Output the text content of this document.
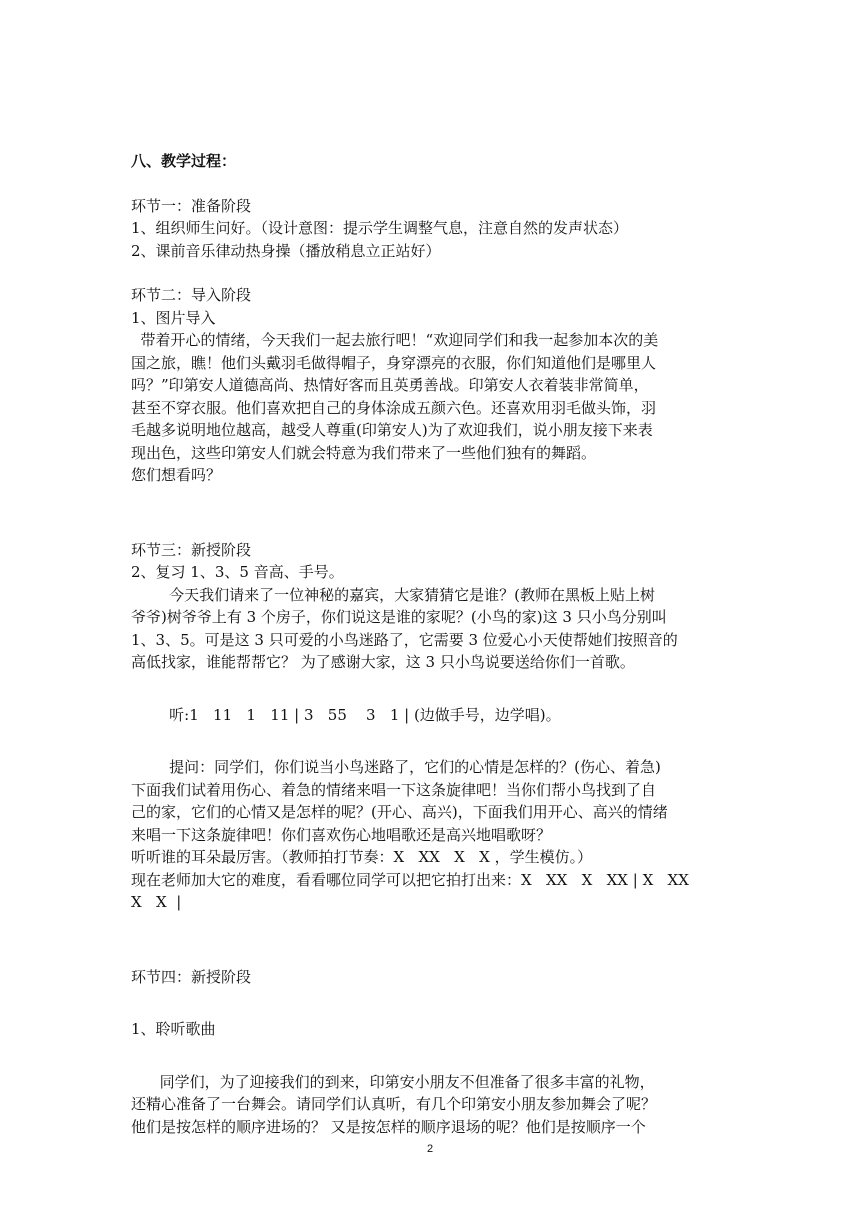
八、教学过程：
环节一：准备阶段
1、组织师生问好。（设计意图：提示学生调整气息，注意自然的发声状态）
2、课前音乐律动热身操（播放稍息立正站好）
环节二：导入阶段
1、图片导入
带着开心的情绪，今天我们一起去旅行吧！“欢迎同学们和我一起参加本次的美
国之旅，瞧！他们头戴羽毛做得帽子，身穿漂亮的衣服，你们知道他们是哪里人
吗？”印第安人道德高尚、热情好客而且英勇善战。印第安人衣着装非常简单，
甚至不穿衣服。他们喜欢把自己的身体涂成五颜六色。还喜欢用羽毛做头饰，羽
毛越多说明地位越高，越受人尊重(印第安人)为了欢迎我们，说小朋友接下来表
现出色，这些印第安人们就会特意为我们带来了一些他们独有的舞蹈。
您们想看吗？
环节三：新授阶段
2、复习 1、3、5 音高、手号。
今天我们请来了一位神秘的嘉宾，大家猜猜它是谁？(教师在黑板上贴上树
爷爷)树爷爷上有 3 个房子，你们说这是谁的家呢？(小鸟的家)这 3 只小鸟分别叫
1、3、5。可是这 3 只可爱的小鸟迷路了，它需要 3 位爱心小天使帮她们按照音的
高低找家，谁能帮帮它？ 为了感谢大家，这 3 只小鸟说要送给你们一首歌。
听:1   11   1   11 | 3   55    3   1 | (边做手号，边学唱)。
提问：同学们，你们说当小鸟迷路了，它们的心情是怎样的？(伤心、着急)
下面我们试着用伤心、着急的情绪来唱一下这条旋律吧！当你们帮小鸟找到了自
己的家，它们的心情又是怎样的呢？(开心、高兴)，下面我们用开心、高兴的情绪
来唱一下这条旋律吧！你们喜欢伤心地唱歌还是高兴地唱歌呀？
听听谁的耳朵最厉害。（教师拍打节奏：X   XX   X   X ，学生模仿。）
现在老师加大它的难度，看看哪位同学可以把它拍打出来：X   XX   X   XX | X   XX
X   X  |
环节四：新授阶段
1、聆听歌曲
同学们，为了迎接我们的到来，印第安小朋友不但准备了很多丰富的礼物，
还精心准备了一台舞会。请同学们认真听，有几个印第安小朋友参加舞会了呢？
他们是按怎样的顺序进场的？ 又是按怎样的顺序退场的呢？他们是按顺序一个
2
